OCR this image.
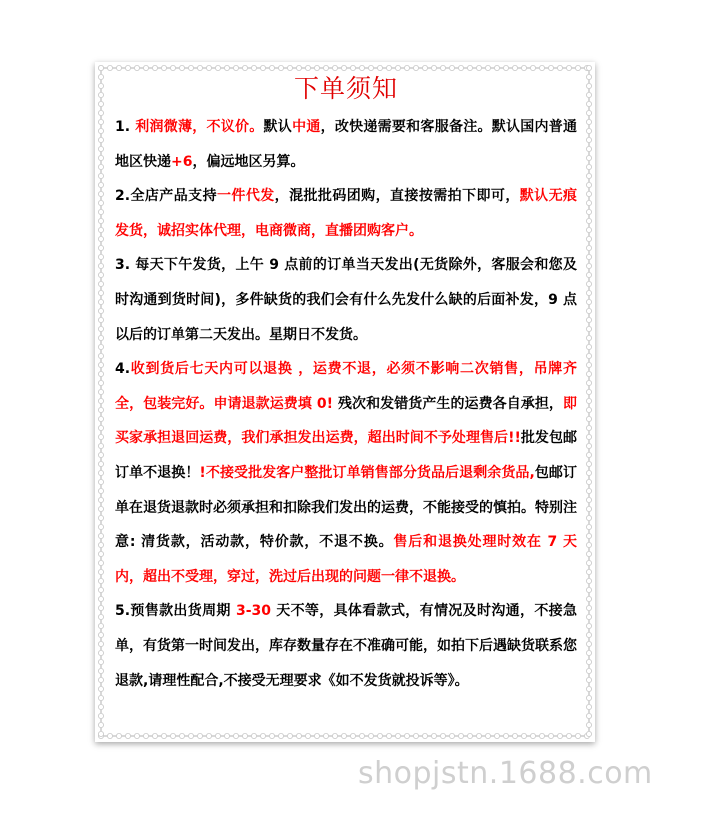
下单须知
1. 利润微薄，不议价。默认中通，改快递需要和客服备注。默认国内普通地区快递+6，偏远地区另算。
2.全店产品支持一件代发，混批批码团购，直接按需拍下即可，默认无痕发货，诚招实体代理，电商微商，直播团购客户。
3. 每天下午发货，上午 9 点前的订单当天发出(无货除外，客服会和您及时沟通到货时间)，多件缺货的我们会有什么先发什么缺的后面补发，9 点以后的订单第二天发出。星期日不发货。
4.收到货后七天内可以退换 ，运费不退，必须不影响二次销售，吊牌齐全，包装完好。申请退款运费填 0! 残次和发错货产生的运费各自承担，即买家承担退回运费，我们承担发出运费，超出时间不予处理售后!!批发包邮订单不退换！!不接受批发客户整批订单销售部分货品后退剩余货品,包邮订单在退货退款时必须承担和扣除我们发出的运费，不能接受的慎拍。特别注意: 清货款，活动款，特价款，不退不换。售后和退换处理时效在 7 天内，超出不受理，穿过，洗过后出现的问题一律不退换。
5.预售款出货周期 3-30 天不等，具体看款式，有情况及时沟通，不接急单，有货第一时间发出，库存数量存在不准确可能，如拍下后遇缺货联系您退款,请理性配合,不接受无理要求《如不发货就投诉等》。
shopjstn.1688.com
